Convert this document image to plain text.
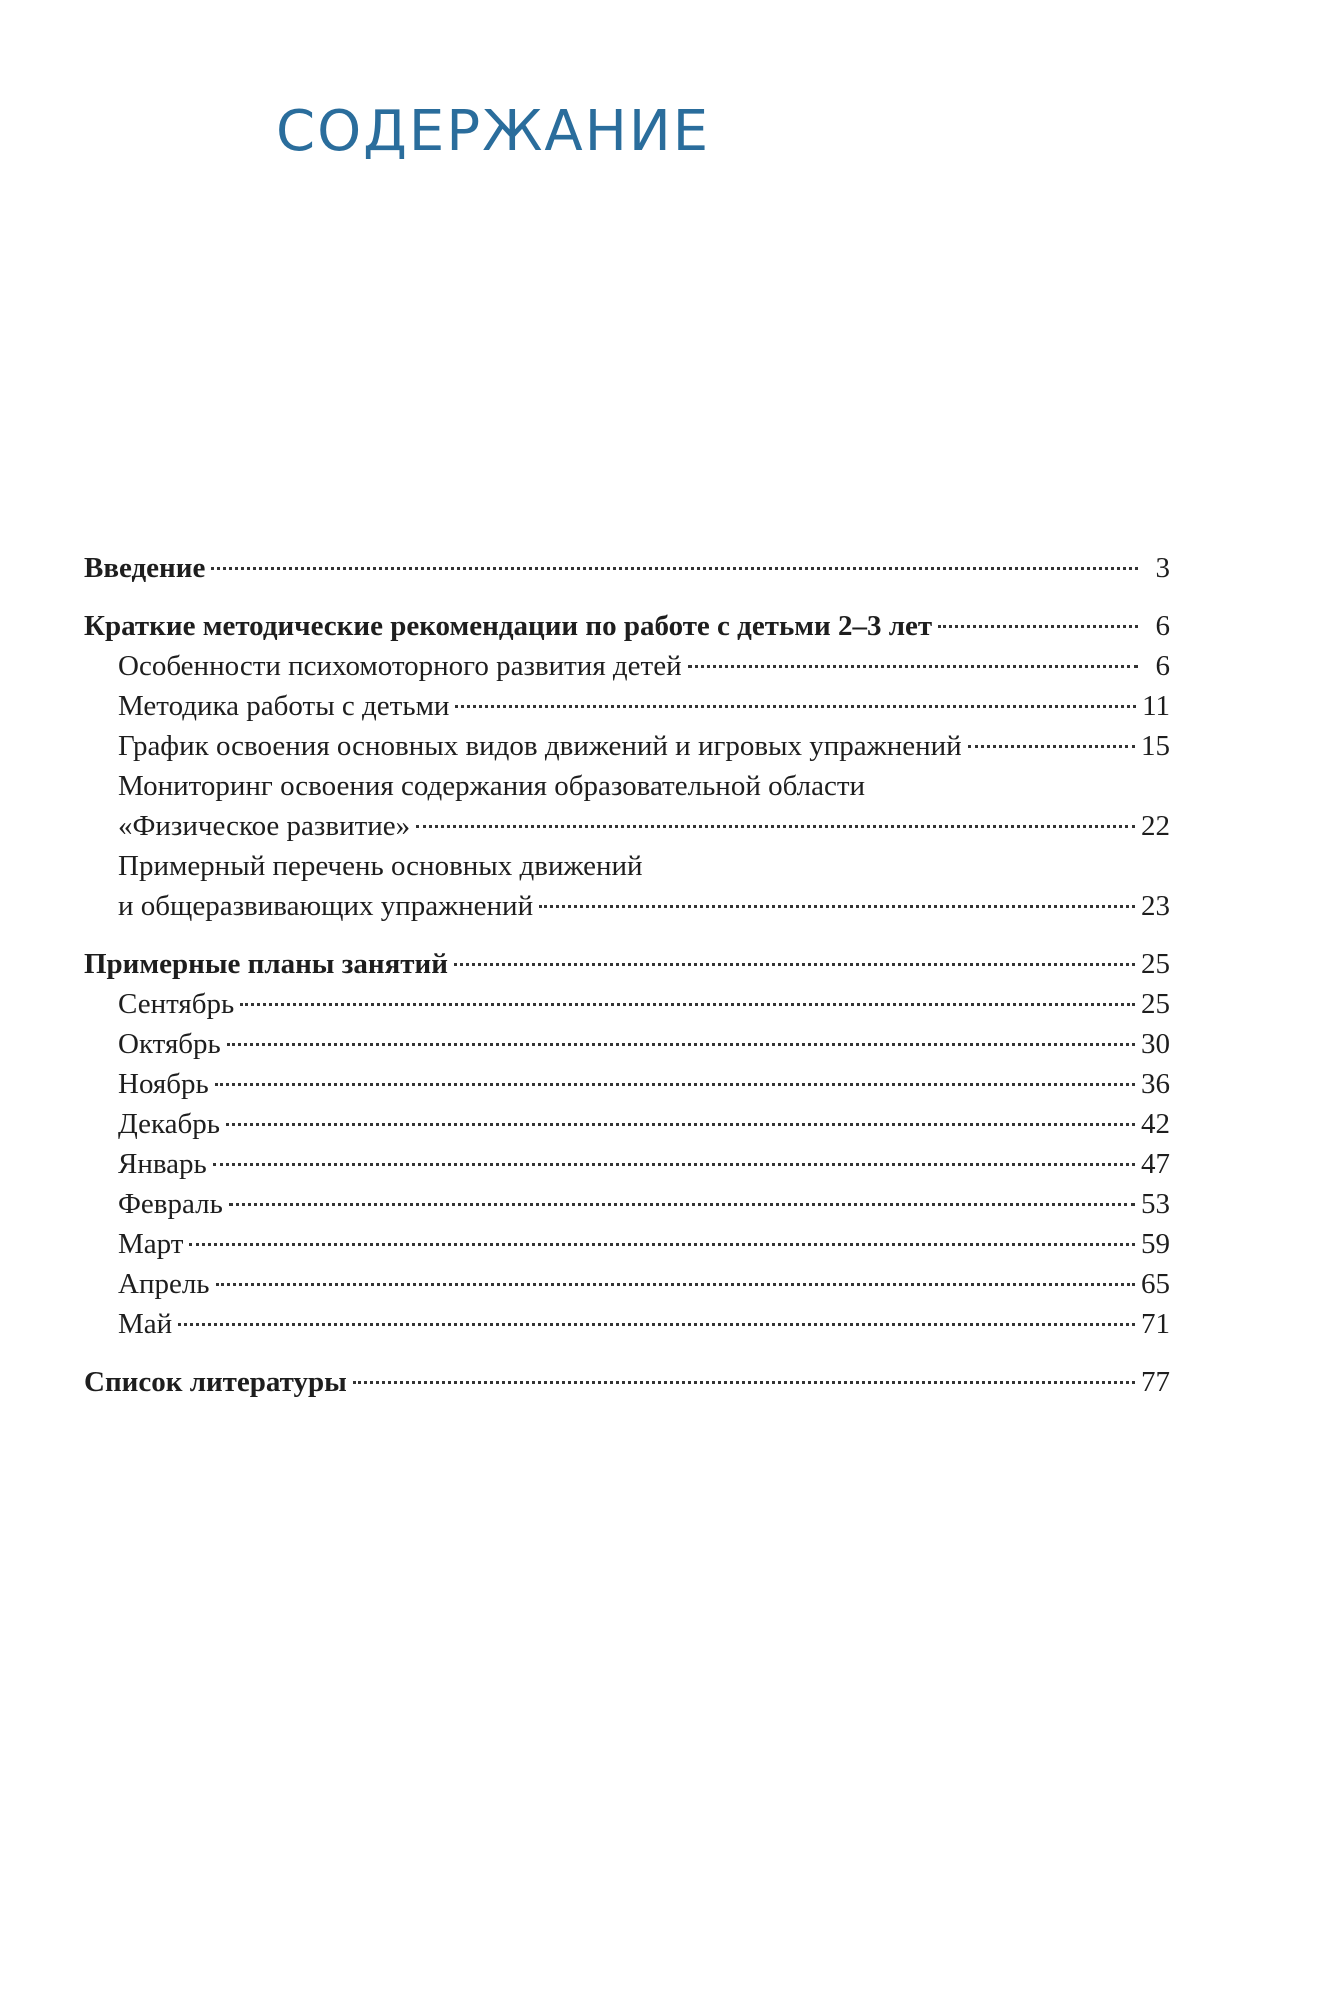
СОДЕРЖАНИЕ
Введение	3
Краткие методические рекомендации по работе с детьми 2–3 лет	6
Особенности психомоторного развития детей	6
Методика работы с детьми	11
График освоения основных видов движений и игровых упражнений	15
Мониторинг освоения содержания образовательной области
«Физическое развитие»	22
Примерный перечень основных движений
и общеразвивающих упражнений	23
Примерные планы занятий	25
Сентябрь	25
Октябрь	30
Ноябрь	36
Декабрь	42
Январь	47
Февраль	53
Март	59
Апрель	65
Май	71
Список литературы	77
